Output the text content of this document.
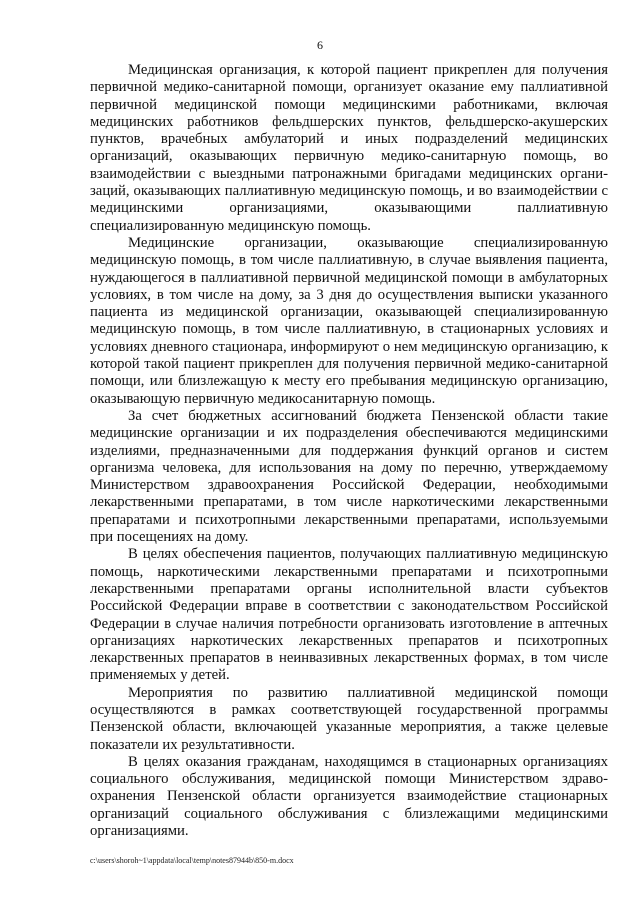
6

Медицинская организация, к которой пациент прикреплен для получения первичной медико-санитарной помощи, организует оказание ему паллиативной первичной медицинской помощи медицинскими работниками, включая медицинских работников фельдшерских пунктов, фельдшерско-акушерских пунктов, врачебных амбулаторий и иных подразделений медицинских организаций, оказывающих первичную медико-санитарную помощь, во взаимодействии с выездными патронажными бригадами медицинских организаций, оказывающих паллиативную медицинскую помощь, и во взаимодействии с медицинскими организациями, оказывающими паллиативную специализированную медицинскую помощь.

Медицинские организации, оказывающие специализированную медицинскую помощь, в том числе паллиативную, в случае выявления пациента, нуждающегося в паллиативной первичной медицинской помощи в амбулаторных условиях, в том числе на дому, за 3 дня до осуществления выписки указанного пациента из медицинской организации, оказывающей специализированную медицинскую помощь, в том числе паллиативную, в стационарных условиях и условиях дневного стационара, информируют о нем медицинскую организацию, к которой такой пациент прикреплен для получения первичной медико-санитарной помощи, или близлежащую к месту его пребывания медицинскую организацию, оказывающую первичную медикосанитарную помощь.

За счет бюджетных ассигнований бюджета Пензенской области такие медицинские организации и их подразделения обеспечиваются медицинскими изделиями, предназначенными для поддержания функций органов и систем организма человека, для использования на дому по перечню, утверждаемому Министерством здравоохранения Российской Федерации, необходимыми лекарственными препаратами, в том числе наркотическими лекарственными препаратами и психотропными лекарственными препаратами, используемыми при посещениях на дому.

В целях обеспечения пациентов, получающих паллиативную медицинскую помощь, наркотическими лекарственными препаратами и психотропными лекарственными препаратами органы исполнительной власти субъектов Российской Федерации вправе в соответствии с законодательством Российской Федерации в случае наличия потребности организовать изготовление в аптечных организациях наркотических лекарственных препаратов и психотропных лекарственных препаратов в неинвазивных лекарственных формах, в том числе применяемых у детей.

Мероприятия по развитию паллиативной медицинской помощи осуществляются в рамках соответствующей государственной программы Пензенской области, включающей указанные мероприятия, а также целевые показатели их результативности.

В целях оказания гражданам, находящимся в стационарных организациях социального обслуживания, медицинской помощи Министерством здравоохранения Пензенской области организуется взаимодействие стационарных организаций социального обслуживания с близлежащими медицинскими организациями.

c:\users\shoroh~1\appdata\local\temp\notes87944b\850-m.docx
